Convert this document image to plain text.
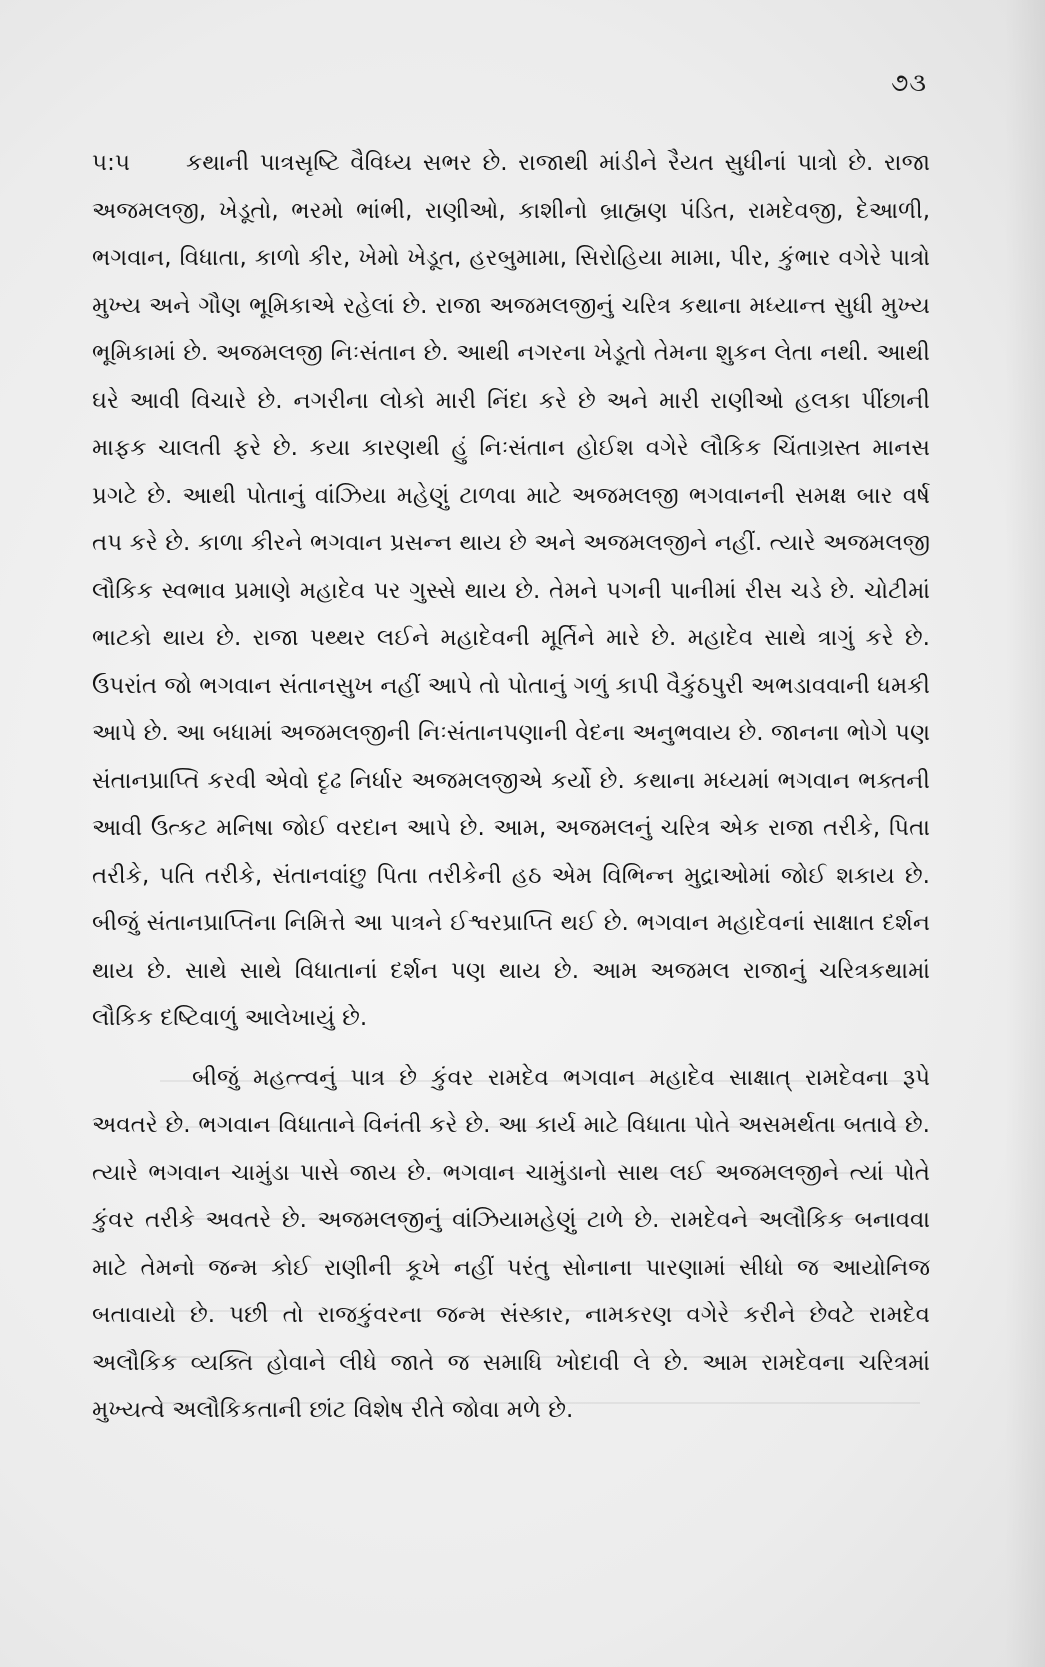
૭૩

૫:૫ કથાની પાત્રસૃષ્ટિ વૈવિધ્ય સભર છે. રાજાથી માંડીને રૈયત સુધીનાં પાત્રો છે. રાજા અજમલજી, ખેડૂતો, ભરમો ભાંભી, રાણીઓ, કાશીનો બ્રાહ્મણ પંડિત, રામદેવજી, દેઆળી, ભગવાન, વિધાતા, કાળો કીર, ખેમો ખેડૂત, હરબુમામા, સિરોહિયા મામા, પીર, કુંભાર વગેરે પાત્રો મુખ્ય અને ગૌણ ભૂમિકાએ રહેલાં છે. રાજા અજમલજીનું ચરિત્ર કથાના મધ્યાન્ત સુધી મુખ્ય ભૂમિકામાં છે. અજમલજી નિઃસંતાન છે. આથી નગરના ખેડૂતો તેમના શુકન લેતા નથી. આથી ઘરે આવી વિચારે છે. નગરીના લોકો મારી નિંદા કરે છે અને મારી રાણીઓ હલકા પીંછાની માફક ચાલતી ફરે છે. કયા કારણથી હું નિઃસંતાન હોઈશ વગેરે લૌકિક ચિંતાગ્રસ્ત માનસ પ્રગટે છે. આથી પોતાનું વાંઝિયા મહેણું ટાળવા માટે અજમલજી ભગવાનની સમક્ષ બાર વર્ષ તપ કરે છે. કાળા કીરને ભગવાન પ્રસન્ન થાય છે અને અજમલજીને નહીં. ત્યારે અજમલજી લૌકિક સ્વભાવ પ્રમાણે મહાદેવ પર ગુસ્સે થાય છે. તેમને પગની પાનીમાં રીસ ચડે છે. ચોટીમાં ભાટકો થાય છે. રાજા પથ્થર લઈને મહાદેવની મૂર્તિને મારે છે. મહાદેવ સાથે ત્રાગું કરે છે. ઉપરાંત જો ભગવાન સંતાનસુખ નહીં આપે તો પોતાનું ગળું કાપી વૈકુંઠપુરી અભડાવવાની ધમકી આપે છે. આ બધામાં અજમલજીની નિઃસંતાનપણાની વેદના અનુભવાય છે. જાનના ભોગે પણ સંતાનપ્રાપ્તિ કરવી એવો દૃઢ નિર્ધાર અજમલજીએ કર્યો છે. કથાના મધ્યમાં ભગવાન ભક્તની આવી ઉત્કટ મનિષા જોઈ વરદાન આપે છે. આમ, અજમલનું ચરિત્ર એક રાજા તરીકે, પિતા તરીકે, પતિ તરીકે, સંતાનવાંછુ પિતા તરીકેની હઠ એમ વિભિન્ન મુદ્રાઓમાં જોઈ શકાય છે. બીજું સંતાનપ્રાપ્તિના નિમિત્તે આ પાત્રને ઈશ્વરપ્રાપ્તિ થઈ છે. ભગવાન મહાદેવનાં સાક્ષાત દર્શન થાય છે. સાથે સાથે વિધાતાનાં દર્શન પણ થાય છે. આમ અજમલ રાજાનું ચરિત્રકથામાં લૌકિક દષ્ટિવાળું આલેખાયું છે.

બીજું મહત્ત્વનું પાત્ર છે કુંવર રામદેવ ભગવાન મહાદેવ સાક્ષાત્ રામદેવના રૂપે અવતરે છે. ભગવાન વિધાતાને વિનંતી કરે છે. આ કાર્ય માટે વિધાતા પોતે અસમર્થતા બતાવે છે. ત્યારે ભગવાન ચામુંડા પાસે જાય છે. ભગવાન ચામુંડાનો સાથ લઈ અજમલજીને ત્યાં પોતે કુંવર તરીકે અવતરે છે. અજમલજીનું વાંઝિયામહેણું ટાળે છે. રામદેવને અલૌકિક બનાવવા માટે તેમનો જન્મ કોઈ રાણીની કૂખે નહીં પરંતુ સોનાના પારણામાં સીધો જ આયોનિજ બતાવાયો છે. પછી તો રાજકુંવરના જન્મ સંસ્કાર, નામકરણ વગેરે કરીને છેવટે રામદેવ અલૌકિક વ્યક્તિ હોવાને લીધે જાતે જ સમાધિ ખોદાવી લે છે. આમ રામદેવના ચરિત્રમાં મુખ્યત્વે અલૌકિકતાની છાંટ વિશેષ રીતે જોવા મળે છે.
